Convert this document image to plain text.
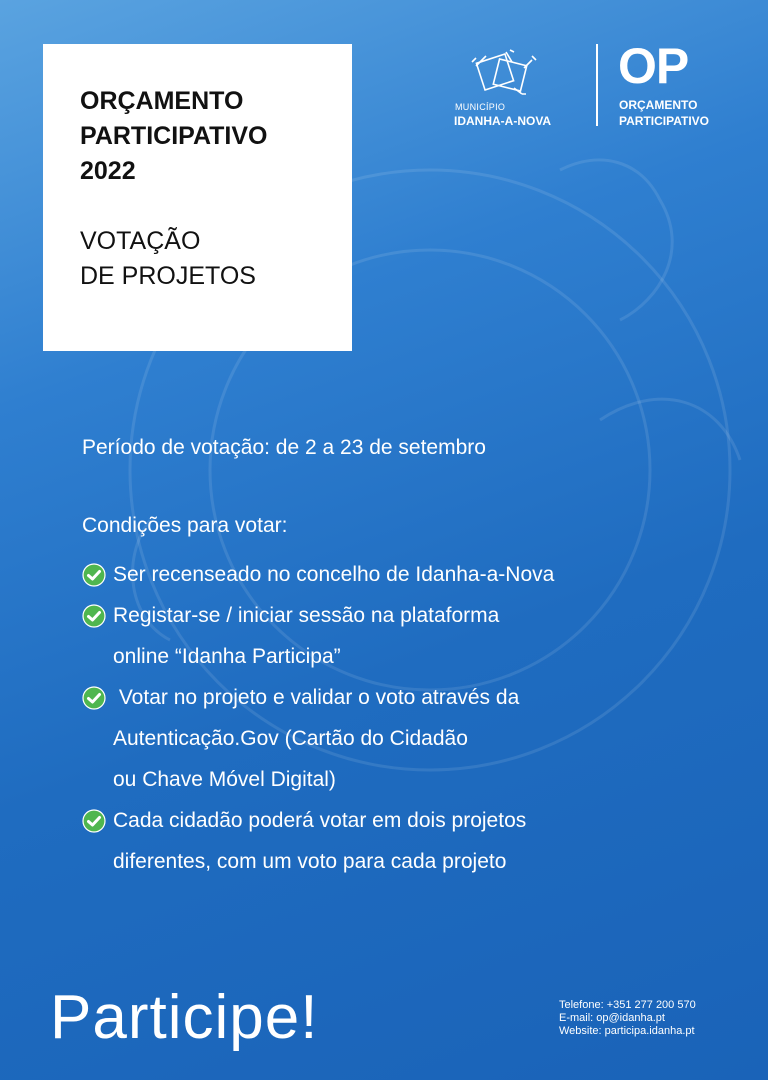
ORÇAMENTO
PARTICIPATIVO
2022
VOTAÇÃO
DE PROJETOS
MUNICÍPIO
IDANHA-A-NOVA
OP
ORÇAMENTO
PARTICIPATIVO

Período de votação: de 2 a 23 de setembro

Condições para votar:
Ser recenseado no concelho de Idanha-a-Nova
Registar-se / iniciar sessão na plataforma
online “Idanha Participa”
Votar no projeto e validar o voto através da
Autenticação.Gov (Cartão do Cidadão
ou Chave Móvel Digital)
Cada cidadão poderá votar em dois projetos
diferentes, com um voto para cada projeto
Participe!	Telefone: +351 277 200 570
E-mail: op@idanha.pt
Website: participa.idanha.pt
